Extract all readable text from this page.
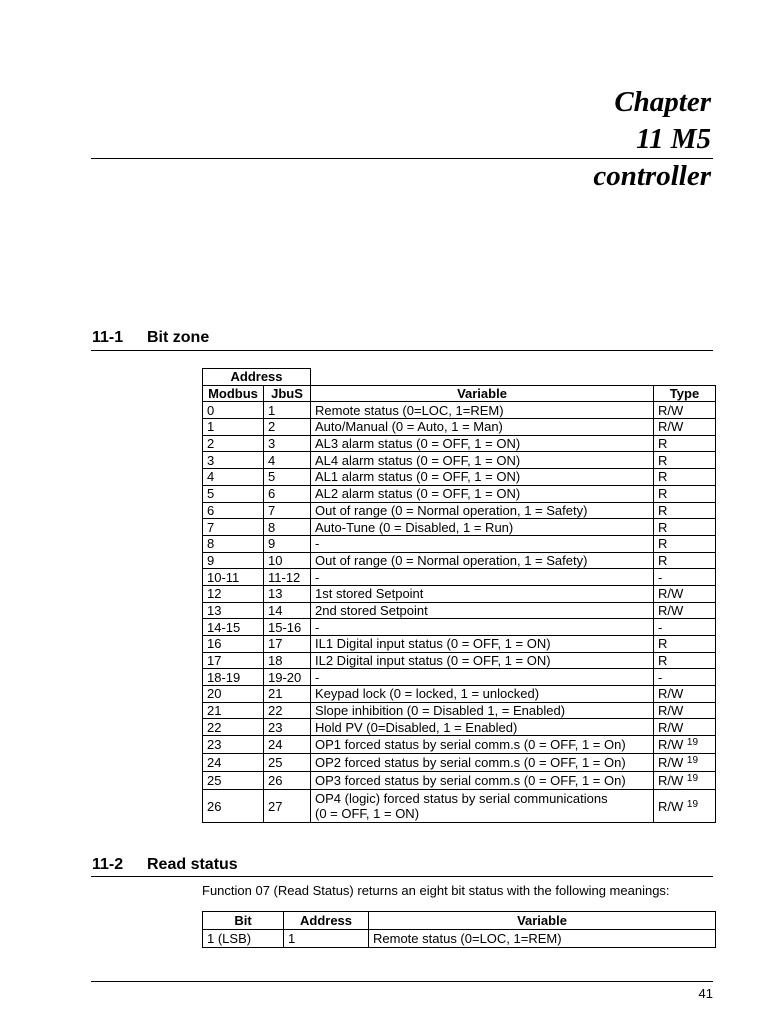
Chapter
11 M5
controller
11-1 Bit zone
Address			
Modbus	JbuS	Variable	Type
0	1	Remote status (0=LOC, 1=REM)	R/W
1	2	Auto/Manual (0 = Auto, 1 = Man)	R/W
2	3	AL3 alarm status (0 = OFF, 1 = ON)	R
3	4	AL4 alarm status (0 = OFF, 1 = ON)	R
4	5	AL1 alarm status (0 = OFF, 1 = ON)	R
5	6	AL2 alarm status (0 = OFF, 1 = ON)	R
6	7	Out of range (0 = Normal operation, 1 = Safety)	R
7	8	Auto-Tune (0 = Disabled, 1 = Run)	R
8	9	-	R
9	10	Out of range (0 = Normal operation, 1 = Safety)	R
10-11	11-12	-	-
12	13	1st stored Setpoint	R/W
13	14	2nd stored Setpoint	R/W
14-15	15-16	-	-
16	17	IL1 Digital input status (0 = OFF, 1 = ON)	R
17	18	IL2 Digital input status (0 = OFF, 1 = ON)	R
18-19	19-20	-	-
20	21	Keypad lock (0 = locked, 1 = unlocked)	R/W
21	22	Slope inhibition (0 = Disabled 1, = Enabled)	R/W
22	23	Hold PV (0=Disabled, 1 = Enabled)	R/W
23	24	OP1 forced status by serial comm.s (0 = OFF, 1 = On)	R/W $^{19}$
24	25	OP2 forced status by serial comm.s (0 = OFF, 1 = On)	R/W $^{19}$
25	26	OP3 forced status by serial comm.s (0 = OFF, 1 = On)	R/W $^{19}$
26	27	OP4 (logic) forced status by serial communications
(0 = OFF, 1 = ON)	R/W $^{19}$
11-2 Read status
Function 07 (Read Status) returns an eight bit status with the following meanings:
Bit	Address	Variable
1 (LSB)	1	Remote status (0=LOC, 1=REM)
41
